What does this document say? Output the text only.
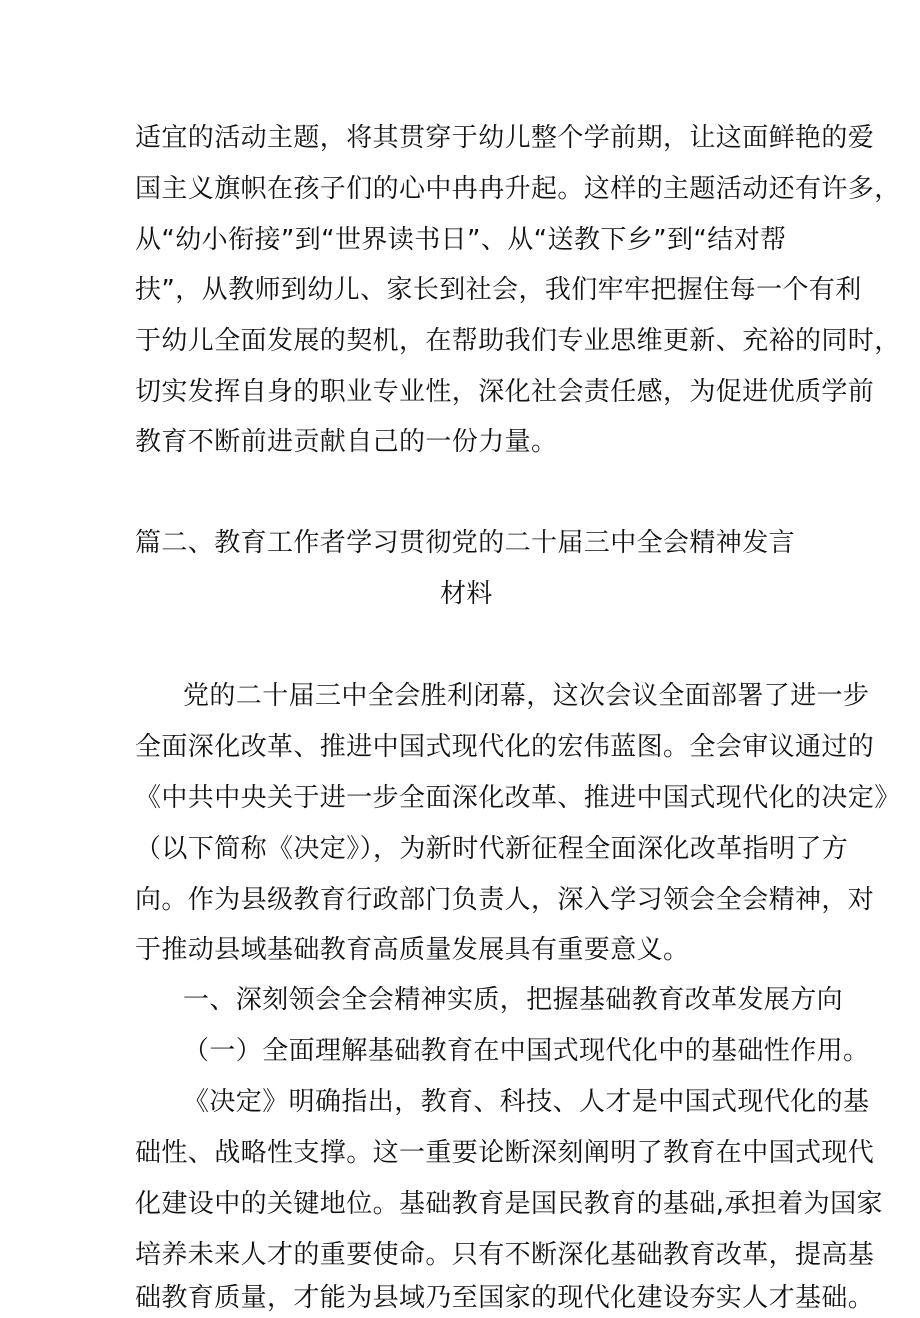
适宜的活动主题，将其贯穿于幼儿整个学前期，让这面鲜艳的爱
国主义旗帜在孩子们的心中冉冉升起。这样的主题活动还有许多，
从“幼小衔接”到“世界读书日”、从“送教下乡”到“结对帮
扶”，从教师到幼儿、家长到社会，我们牢牢把握住每一个有利
于幼儿全面发展的契机，在帮助我们专业思维更新、充裕的同时，
切实发挥自身的职业专业性，深化社会责任感，为促进优质学前
教育不断前进贡献自己的一份力量。
篇二、教育工作者学习贯彻党的二十届三中全会精神发言
材料
党的二十届三中全会胜利闭幕，这次会议全面部署了进一步
全面深化改革、推进中国式现代化的宏伟蓝图。全会审议通过的
《中共中央关于进一步全面深化改革、推进中国式现代化的决定》
（以下简称《决定》），为新时代新征程全面深化改革指明了方
向。作为县级教育行政部门负责人，深入学习领会全会精神，对
于推动县域基础教育高质量发展具有重要意义。
一、深刻领会全会精神实质，把握基础教育改革发展方向
（一）全面理解基础教育在中国式现代化中的基础性作用。
《决定》明确指出，教育、科技、人才是中国式现代化的基
础性、战略性支撑。这一重要论断深刻阐明了教育在中国式现代
化建设中的关键地位。基础教育是国民教育的基础,承担着为国家
培养未来人才的重要使命。只有不断深化基础教育改革，提高基
础教育质量，才能为县域乃至国家的现代化建设夯实人才基础。
